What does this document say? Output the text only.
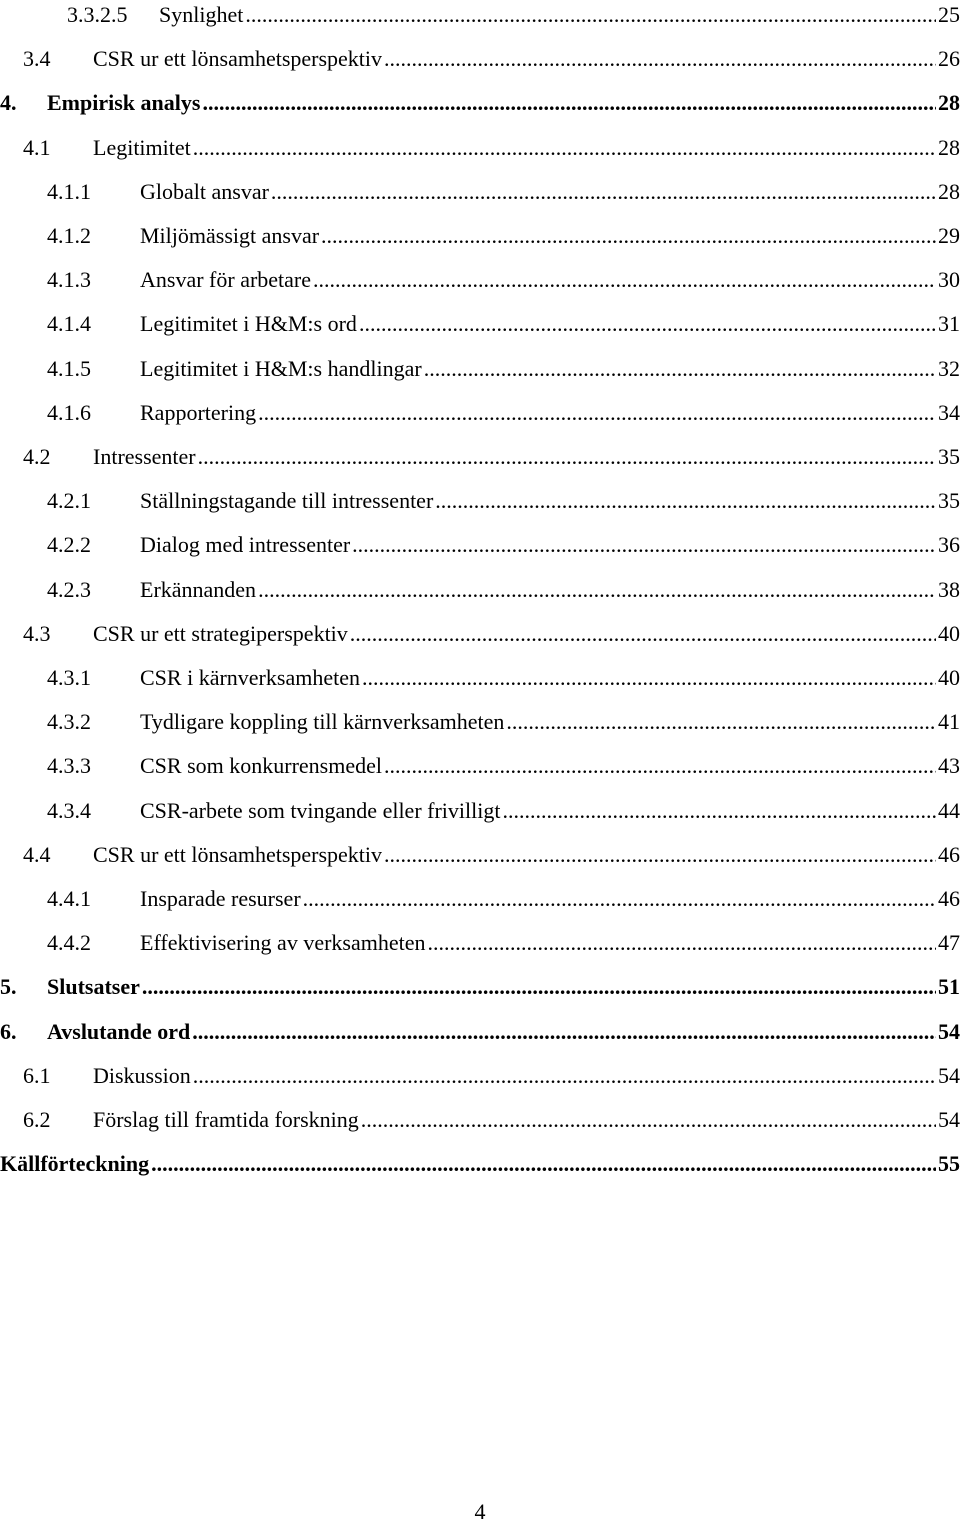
3.3.2.5 Synlighet .....	25
3.4 CSR ur ett lönsamhetsperspektiv .....	26
4. Empirisk analys .....	28
4.1 Legitimitet .....	28
4.1.1 Globalt ansvar .....	28
4.1.2 Miljömässigt ansvar .....	29
4.1.3 Ansvar för arbetare .....	30
4.1.4 Legitimitet i H&M:s ord .....	31
4.1.5 Legitimitet i H&M:s handlingar .....	32
4.1.6 Rapportering .....	34
4.2 Intressenter .....	35
4.2.1 Ställningstagande till intressenter .....	35
4.2.2 Dialog med intressenter .....	36
4.2.3 Erkännanden .....	38
4.3 CSR ur ett strategiperspektiv .....	40
4.3.1 CSR i kärnverksamheten .....	40
4.3.2 Tydligare koppling till kärnverksamheten .....	41
4.3.3 CSR som konkurrensmedel .....	43
4.3.4 CSR-arbete som tvingande eller frivilligt .....	44
4.4 CSR ur ett lönsamhetsperspektiv .....	46
4.4.1 Insparade resurser .....	46
4.4.2 Effektivisering av verksamheten .....	47
5. Slutsatser .....	51
6. Avslutande ord .....	54
6.1 Diskussion .....	54
6.2 Förslag till framtida forskning .....	54
Källförteckning .....	55
4
